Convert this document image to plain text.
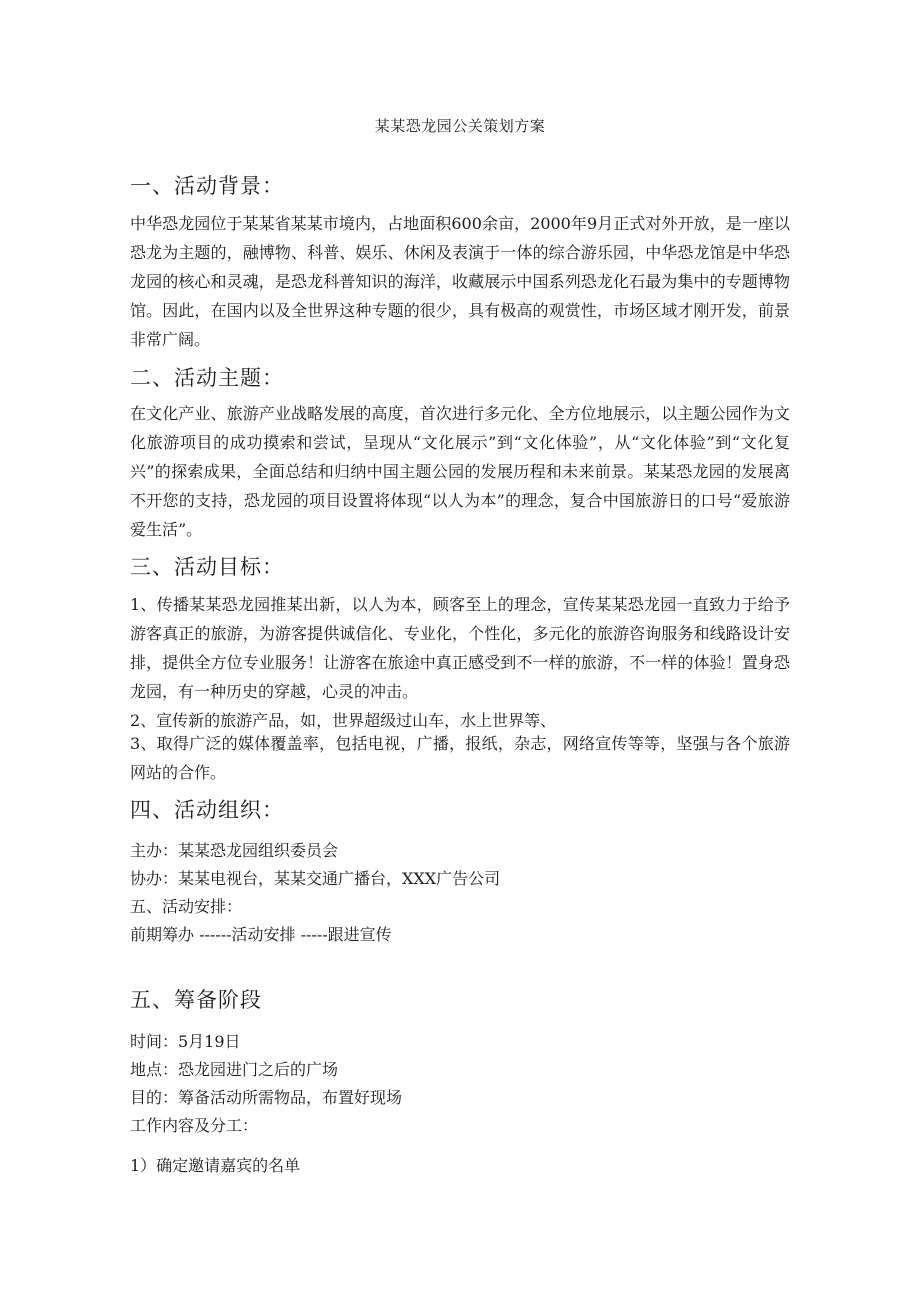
某某恐龙园公关策划方案
一、活动背景：
中华恐龙园位于某某省某某市境内，占地面积600余亩，2000年9月正式对外开放，是一座以恐龙为主题的，融博物、科普、娱乐、休闲及表演于一体的综合游乐园，中华恐龙馆是中华恐龙园的核心和灵魂，是恐龙科普知识的海洋，收藏展示中国系列恐龙化石最为集中的专题博物馆。因此，在国内以及全世界这种专题的很少，具有极高的观赏性，市场区域才刚开发，前景非常广阔。
二、活动主题：
在文化产业、旅游产业战略发展的高度，首次进行多元化、全方位地展示，以主题公园作为文化旅游项目的成功摸索和尝试，呈现从“文化展示”到“文化体验”，从“文化体验”到“文化复兴”的探索成果，全面总结和归纳中国主题公园的发展历程和未来前景。某某恐龙园的发展离不开您的支持，恐龙园的项目设置将体现“以人为本”的理念，复合中国旅游日的口号“爱旅游爱生活”。
三、活动目标：
1、传播某某恐龙园推某出新，以人为本，顾客至上的理念，宣传某某恐龙园一直致力于给予游客真正的旅游，为游客提供诚信化、专业化，个性化，多元化的旅游咨询服务和线路设计安排，提供全方位专业服务！让游客在旅途中真正感受到不一样的旅游，不一样的体验！置身恐龙园，有一种历史的穿越，心灵的冲击。
2、宣传新的旅游产品，如，世界超级过山车，水上世界等、
3、取得广泛的媒体覆盖率，包括电视，广播，报纸，杂志，网络宣传等等，坚强与各个旅游网站的合作。
四、活动组织：
主办：某某恐龙园组织委员会
协办：某某电视台，某某交通广播台，XXX广告公司
五、活动安排：
前期筹办 ------活动安排 -----跟进宣传
五、筹备阶段
时间：5月19日
地点：恐龙园进门之后的广场
目的：筹备活动所需物品，布置好现场
工作内容及分工：
1）确定邀请嘉宾的名单
